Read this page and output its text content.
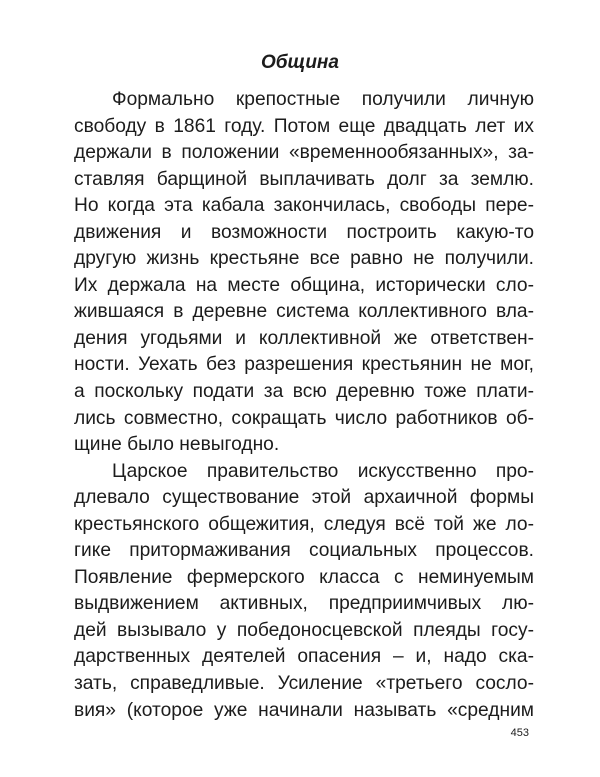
Община
Формально крепостные получили личную
свободу в 1861 году. Потом еще двадцать лет их
держали в положении «временнообязанных», за-
ставляя барщиной выплачивать долг за землю.
Но когда эта кабала закончилась, свободы пере-
движения и возможности построить какую-то
другую жизнь крестьяне все равно не получили.
Их держала на месте община, исторически сло-
жившаяся в деревне система коллективного вла-
дения угодьями и коллективной же ответствен-
ности. Уехать без разрешения крестьянин не мог,
а поскольку подати за всю деревню тоже плати-
лись совместно, сокращать число работников об-
щине было невыгодно.
Царское правительство искусственно про-
длевало существование этой архаичной формы
крестьянского общежития, следуя всё той же ло-
гике притормаживания социальных процессов.
Появление фермерского класса с неминуемым
выдвижением активных, предприимчивых лю-
дей вызывало у победоносцевской плеяды госу-
дарственных деятелей опасения – и, надо ска-
зать, справедливые. Усиление «третьего сосло-
вия» (которое уже начинали называть «средним
453
